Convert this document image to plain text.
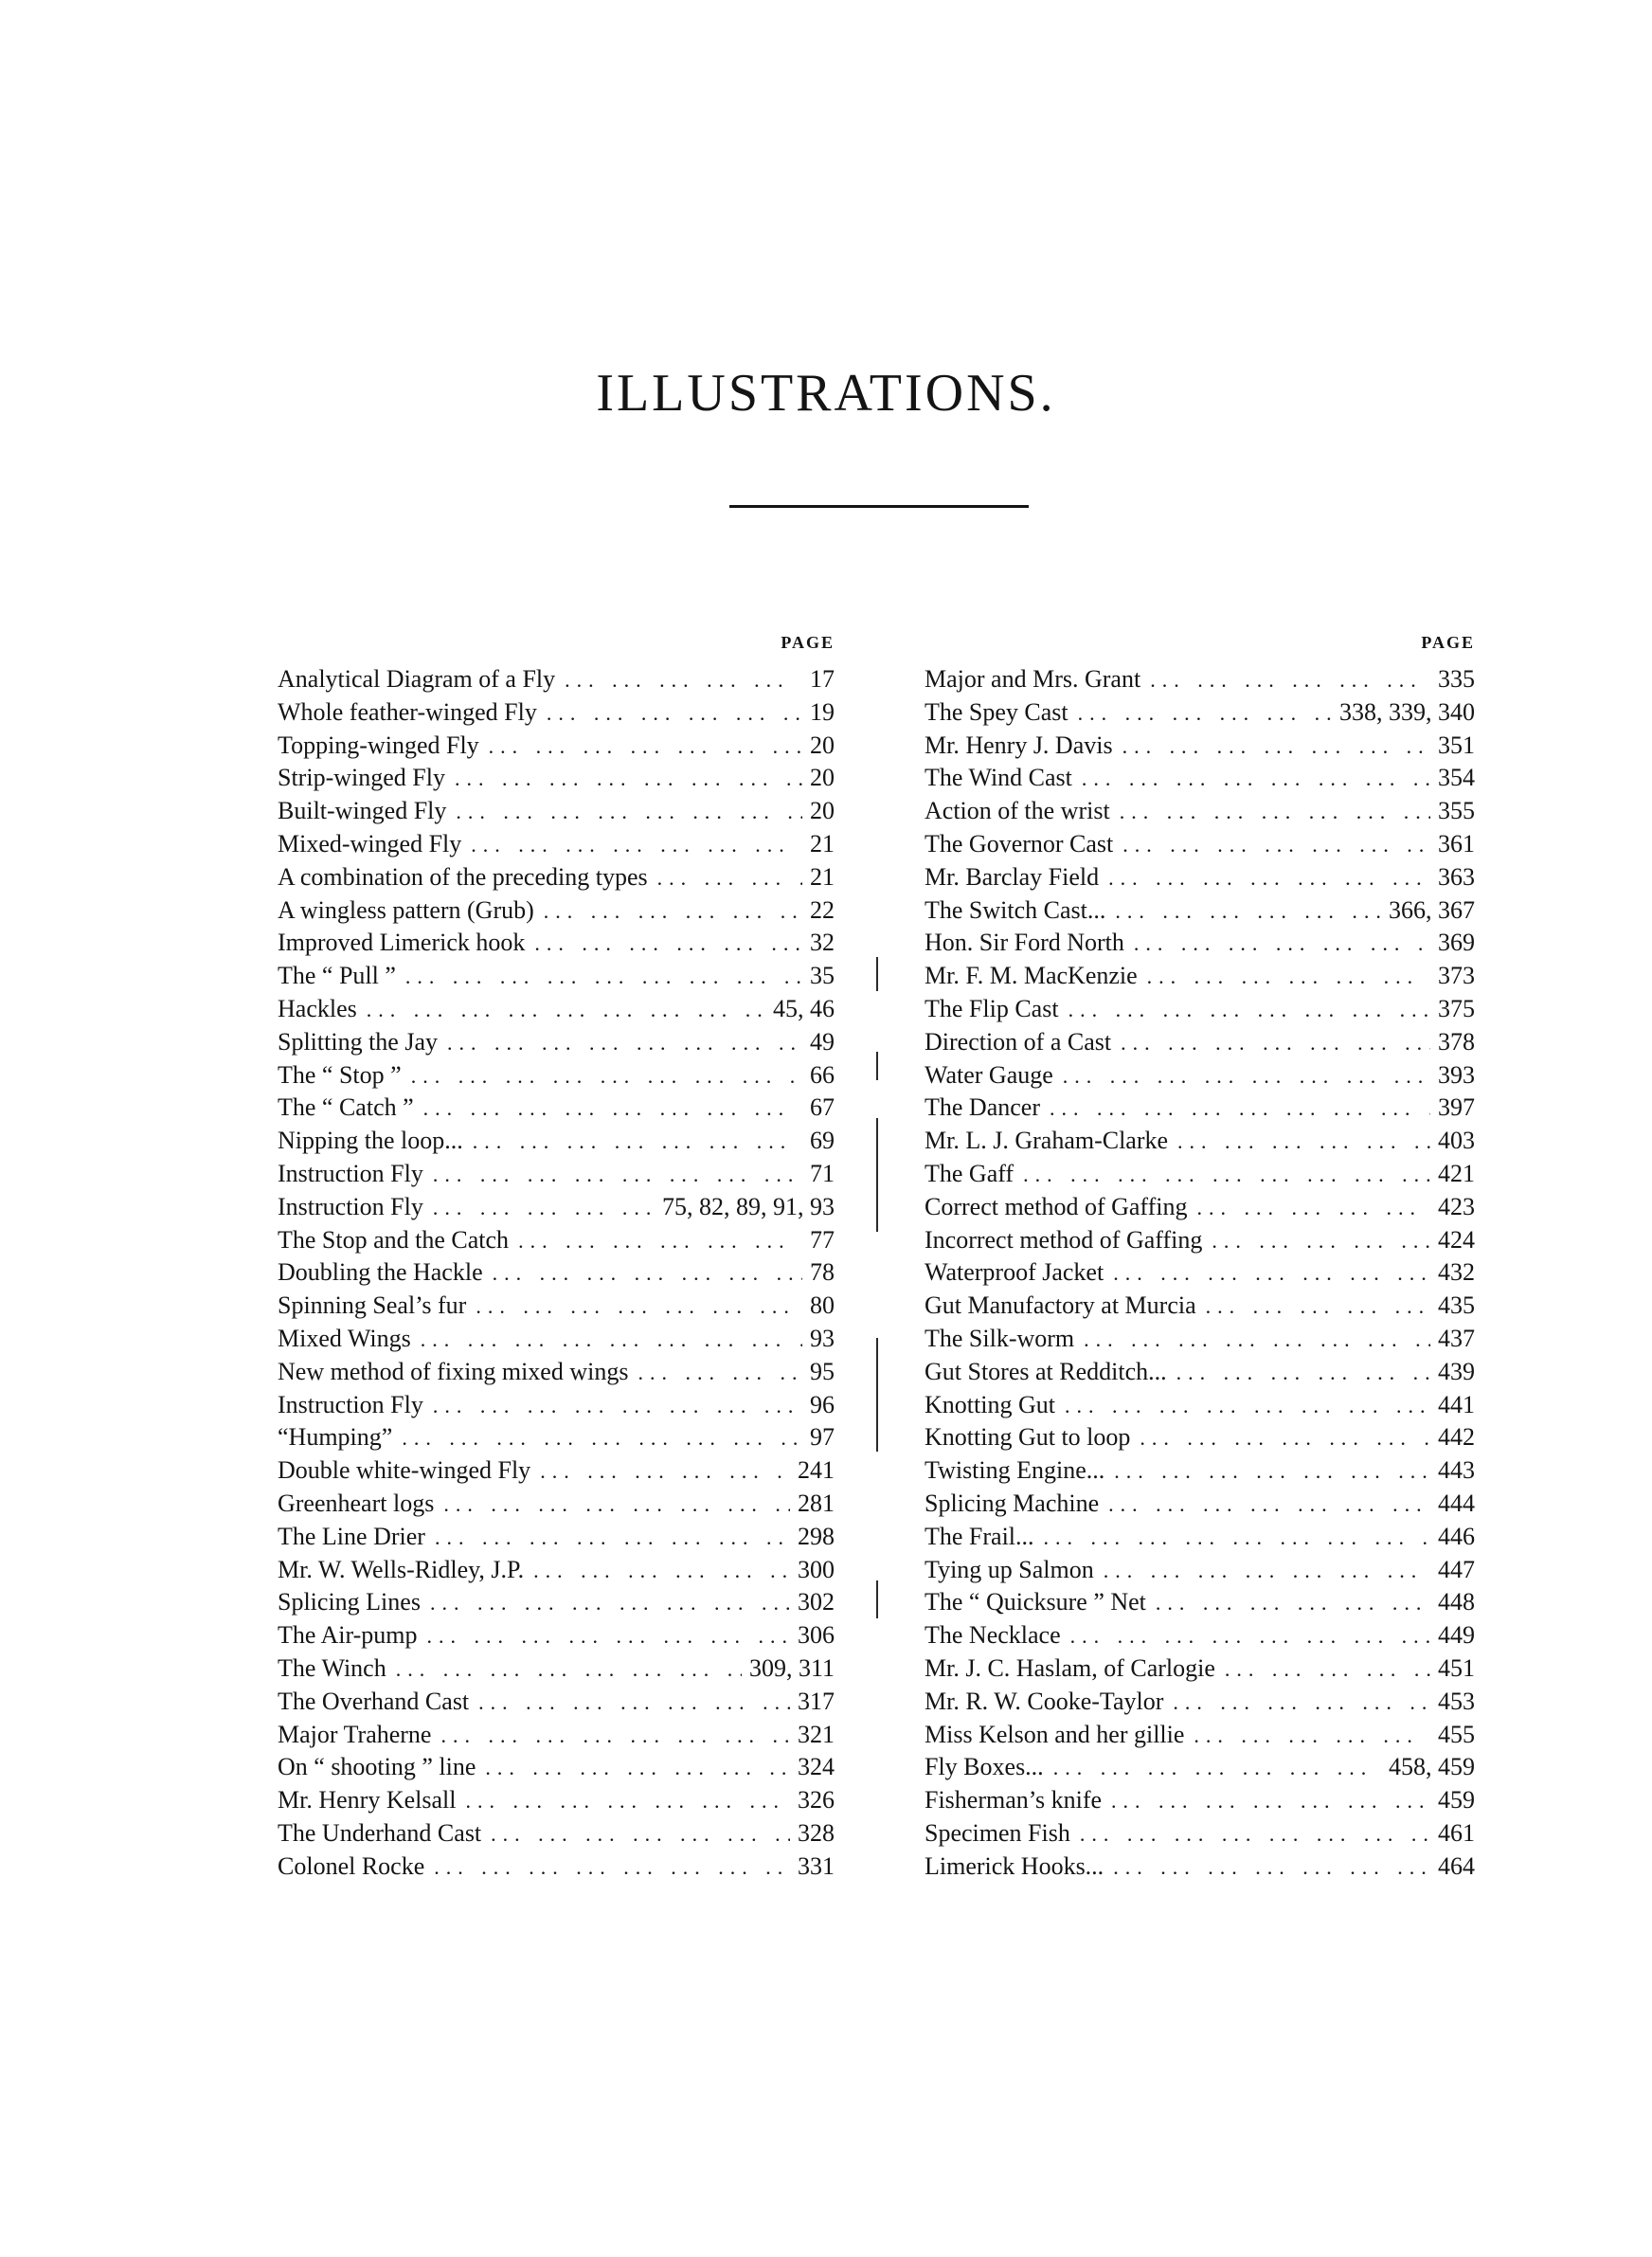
ILLUSTRATIONS.
PAGE
Analytical Diagram of a Fly ... .	17
Whole feather-winged Fly ... .	19
Topping-winged Fly ... .	20
Strip-winged Fly ... .	20
Built-winged Fly ... .	20
Mixed-winged Fly ... .	21
A combination of the preceding types ... .	21
A wingless pattern (Grub) ... .	22
Improved Limerick hook ... .	32
The “ Pull ” ... .	35
Hackles ... .	45, 46
Splitting the Jay ... .	49
The “ Stop ” ... .	66
The “ Catch ” ... .	67
Nipping the loop... ... .	69
Instruction Fly ... .	71
Instruction Fly ... .	75, 82, 89, 91, 93
The Stop and the Catch ... .	77
Doubling the Hackle ... .	78
Spinning Seal’s fur ... .	80
Mixed Wings ... .	93
New method of fixing mixed wings ... .	95
Instruction Fly ... .	96
“Humping” ... .	97
Double white-winged Fly ... .	241
Greenheart logs ... .	281
The Line Drier ... .	298
Mr. W. Wells-Ridley, J.P. ... .	300
Splicing Lines ... .	302
The Air-pump ... .	306
The Winch ... .	309, 311
The Overhand Cast ... .	317
Major Traherne ... .	321
On “ shooting ” line ... .	324
Mr. Henry Kelsall ... .	326
The Underhand Cast ... .	328
Colonel Rocke ... .	331
PAGE
Major and Mrs. Grant ... .	335
The Spey Cast ... .	338, 339, 340
Mr. Henry J. Davis ... .	351
The Wind Cast ... .	354
Action of the wrist ... .	355
The Governor Cast ... .	361
Mr. Barclay Field ... .	363
The Switch Cast... ... .	366, 367
Hon. Sir Ford North ... .	369
Mr. F. M. MacKenzie ... .	373
The Flip Cast ... .	375
Direction of a Cast ... .	378
Water Gauge ... .	393
The Dancer ... .	397
Mr. L. J. Graham-Clarke ... .	403
The Gaff ... .	421
Correct method of Gaffing ... .	423
Incorrect method of Gaffing ... .	424
Waterproof Jacket ... .	432
Gut Manufactory at Murcia ... .	435
The Silk-worm ... .	437
Gut Stores at Redditch... ... .	439
Knotting Gut ... .	441
Knotting Gut to loop ... .	442
Twisting Engine... ... .	443
Splicing Machine ... .	444
The Frail... ... .	446
Tying up Salmon ... .	447
The “ Quicksure ” Net ... .	448
The Necklace ... .	449
Mr. J. C. Haslam, of Carlogie ... .	451
Mr. R. W. Cooke-Taylor ... .	453
Miss Kelson and her gillie ... .	455
Fly Boxes... ... .	458, 459
Fisherman’s knife ... .	459
Specimen Fish ... .	461
Limerick Hooks... ... .	464
